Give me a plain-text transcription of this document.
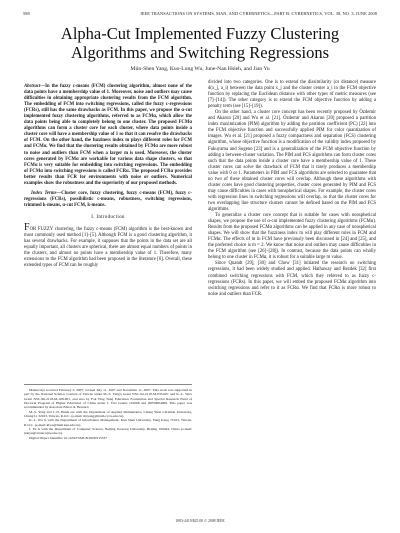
588	IEEE TRANSACTIONS ON SYSTEMS, MAN, AND CYBERNETICS—PART B: CYBERNETICS, VOL. 38, NO. 3, JUNE 2008
Alpha-Cut Implemented Fuzzy Clustering Algorithms and Switching Regressions
Miin-Shen Yang, Kuo-Lung Wu, June-Nan Hsieh, and Jian Yu

Abstract—In the fuzzy c-means (FCM) clustering algorithm, almost none of the data points have a membership value of 1. Moreover, noise and outliers may cause difficulties in obtaining appropriate clustering results from the FCM algorithm. The embedding of FCM into switching regressions, called the fuzzy c-regressions (FCRs), still has the same drawbacks as FCM. In this paper, we propose the α-cut implemented fuzzy clustering algorithms, referred to as FCMα, which allow the data points being able to completely belong to one cluster. The proposed FCMα algorithms can form a cluster core for each cluster, where data points inside a cluster core will have a membership value of 1 so that it can resolve the drawbacks of FCM. On the other hand, the fuzziness index m plays different roles for FCM and FCMα. We find that the clustering results obtained by FCMα are more robust to noise and outliers than FCM when a larger m is used. Moreover, the cluster cores generated by FCMα are workable for various data shape clusters, so that FCMα is very suitable for embedding into switching regressions. The embedding of FCMα into switching regressions is called FCRα. The proposed FCRα provides better results than FCR for environments with noise or outliers. Numerical examples show the robustness and the superiority of our proposed methods.

Index Terms—Cluster core, fuzzy clustering, fuzzy c-means (FCM), fuzzy c-regressions (FCRs), possibilistic c-means, robustness, switching regressions, trimmed k-means, α-cut FCM, k-means.

I. Introduction

FOR FUZZY clustering, the fuzzy c-means (FCM) algorithm is the best-known and most commonly used method [1]–[5]. Although FCM is a good clustering algorithm, it has several drawbacks. For example, it supposes that the points in the data set are all equally important, all clusters are spherical, there are almost equal numbers of points in the clusters, and almost no points have a membership value of 1. Therefore, many extensions to the FCM algorithm had been proposed in the literature [6]. Overall, these extended types of FCM can be roughly

Manuscript received February 5, 2007; revised July 11, 2007 and November 11, 2007. This work was supported in part by the National Science Council of Taiwan under M.-S. Yang's Grant NSC-94-2118-M-033-001 and K.-L. Wu's Grant NSC-96-2118-M-168-001, and also by Fok Ying Tung Education Foundation and Special Research Fund of Doctoral Program of Higher Education of China under J. Yu's Grants 101068 and 20050004008. This paper was recommended by Associate Editor A. Bernard.

M.-S. Yang and J.-N. Hsieh are with the Department of Applied Mathematics, Chung Yuan Christian University, Chung Li 32023, Taiwan, R.O.C. (e-mail: msyang@math.cycu.edu.tw).

K.-L. Wu is with the Department of Information Management, Kun Shan University, Yung Kang 71023, Taiwan, R.O.C. (e-mail: klwu@mail.ksu.edu.tw).

J. Yu is with the Department of Computer Science, Beijing Jiaotong University, Beijing 100044, China (e-mail: jianyu@center.njtu.edu.cn).

Digital Object Identifier 10.1109/TSMCB.2008.915537

divided into two categories. One is to extend the dissimilarity (or distance) measure d(x_j, a_i) between the data point x_j and the cluster center a_i in the FCM objective function by replacing the Euclidean distance with other types of metric measures (see [7]–[14]). The other category is to extend the FCM objective function by adding a penalty term (see [15]–[19]).

On the other hand, a cluster core concept has been recently proposed by Özdemir and Akarun [20] and Wu et al. [21]. Özdemir and Akarun [20] proposed a partition index maximization (PIM) algorithm by adding the partition coefficient (PC) [22] into the FCM objective function and successfully applied PIM for color quantization of images. Wu et al. [21] proposed a fuzzy compactness and separation (FCS) clustering algorithm, whose objective function is a modification of the validity index proposed by Fukuyama and Sugeno [23] and is a generalization of the FCM objective function by adding a between-cluster variation. The PIM and FCS algorithms can form cluster cores such that the data points inside a cluster core have a membership value of 1. These cluster cores can solve the drawback of FCM that it rarely produces a membership value with 0 or 1. Parameters in PIM and FCS algorithms are selected to guarantee that no two of these obtained cluster cores will overlap. Although these algorithms with cluster cores have good clustering properties, cluster cores generated by PIM and FCS may cause difficulties in cases with nonspherical shapes. For example, the cluster cores with regression lines in switching regressions will overlap, so that the cluster cores for two overlapping line structure clusters cannot be defined based on the PIM and FCS algorithms.

To generalize a cluster core concept that is suitable for cases with nonspherical shapes, we propose the use of α-cut implemented fuzzy clustering algorithms (FCMα). Results from the proposed FCMα algorithms can be applied in any case of nonspherical shapes. We will show that the fuzziness index m will play different roles in FCM and FCMα. The effects of m in FCM have previously been discussed in [24] and [25], and the preferred choice is m = 2. We know that noise and outliers may cause difficulties in the FCM algorithm (see [26]–[28]). In contrast, because the data points can wholly belong to one cluster in FCMα, it is robust for a suitable large m value.

Since Quandt [29], [30] and Chow [31] initiated the research on switching regressions, it had been widely studied and applied. Hathaway and Bezdek [32] first combined switching regressions with FCM, which they referred to as fuzzy c-regressions (FCRs). In this paper, we will embed the proposed FCMα algorithm into switching regressions and refer to it as FCRα. We find that FCRα is more robust to noise and outliers than FCR.

1083-4419/$25.00 © 2008 IEEE
